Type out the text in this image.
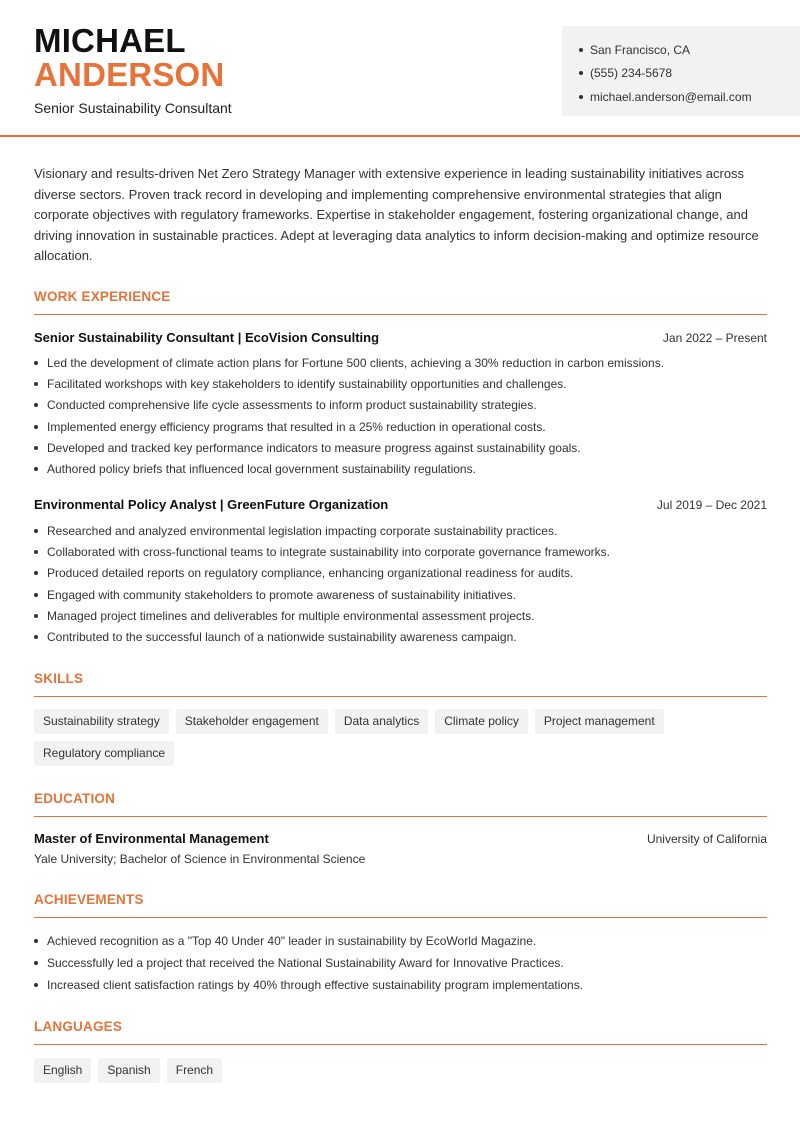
MICHAEL
ANDERSON
Senior Sustainability Consultant
San Francisco, CA
(555) 234-5678
michael.anderson@email.com

Visionary and results-driven Net Zero Strategy Manager with extensive experience in leading sustainability initiatives across diverse sectors. Proven track record in developing and implementing comprehensive environmental strategies that align corporate objectives with regulatory frameworks. Expertise in stakeholder engagement, fostering organizational change, and driving innovation in sustainable practices. Adept at leveraging data analytics to inform decision-making and optimize resource allocation.

WORK EXPERIENCE
Senior Sustainability Consultant | EcoVision Consulting	Jan 2022 – Present
Led the development of climate action plans for Fortune 500 clients, achieving a 30% reduction in carbon emissions.
Facilitated workshops with key stakeholders to identify sustainability opportunities and challenges.
Conducted comprehensive life cycle assessments to inform product sustainability strategies.
Implemented energy efficiency programs that resulted in a 25% reduction in operational costs.
Developed and tracked key performance indicators to measure progress against sustainability goals.
Authored policy briefs that influenced local government sustainability regulations.
Environmental Policy Analyst | GreenFuture Organization	Jul 2019 – Dec 2021
Researched and analyzed environmental legislation impacting corporate sustainability practices.
Collaborated with cross-functional teams to integrate sustainability into corporate governance frameworks.
Produced detailed reports on regulatory compliance, enhancing organizational readiness for audits.
Engaged with community stakeholders to promote awareness of sustainability initiatives.
Managed project timelines and deliverables for multiple environmental assessment projects.
Contributed to the successful launch of a nationwide sustainability awareness campaign.
SKILLS
Sustainability strategy	Stakeholder engagement	Data analytics	Climate policy	Project management
Regulatory compliance
EDUCATION
Master of Environmental Management	University of California
Yale University; Bachelor of Science in Environmental Science
ACHIEVEMENTS
Achieved recognition as a "Top 40 Under 40" leader in sustainability by EcoWorld Magazine.
Successfully led a project that received the National Sustainability Award for Innovative Practices.
Increased client satisfaction ratings by 40% through effective sustainability program implementations.
LANGUAGES
English	Spanish	French
